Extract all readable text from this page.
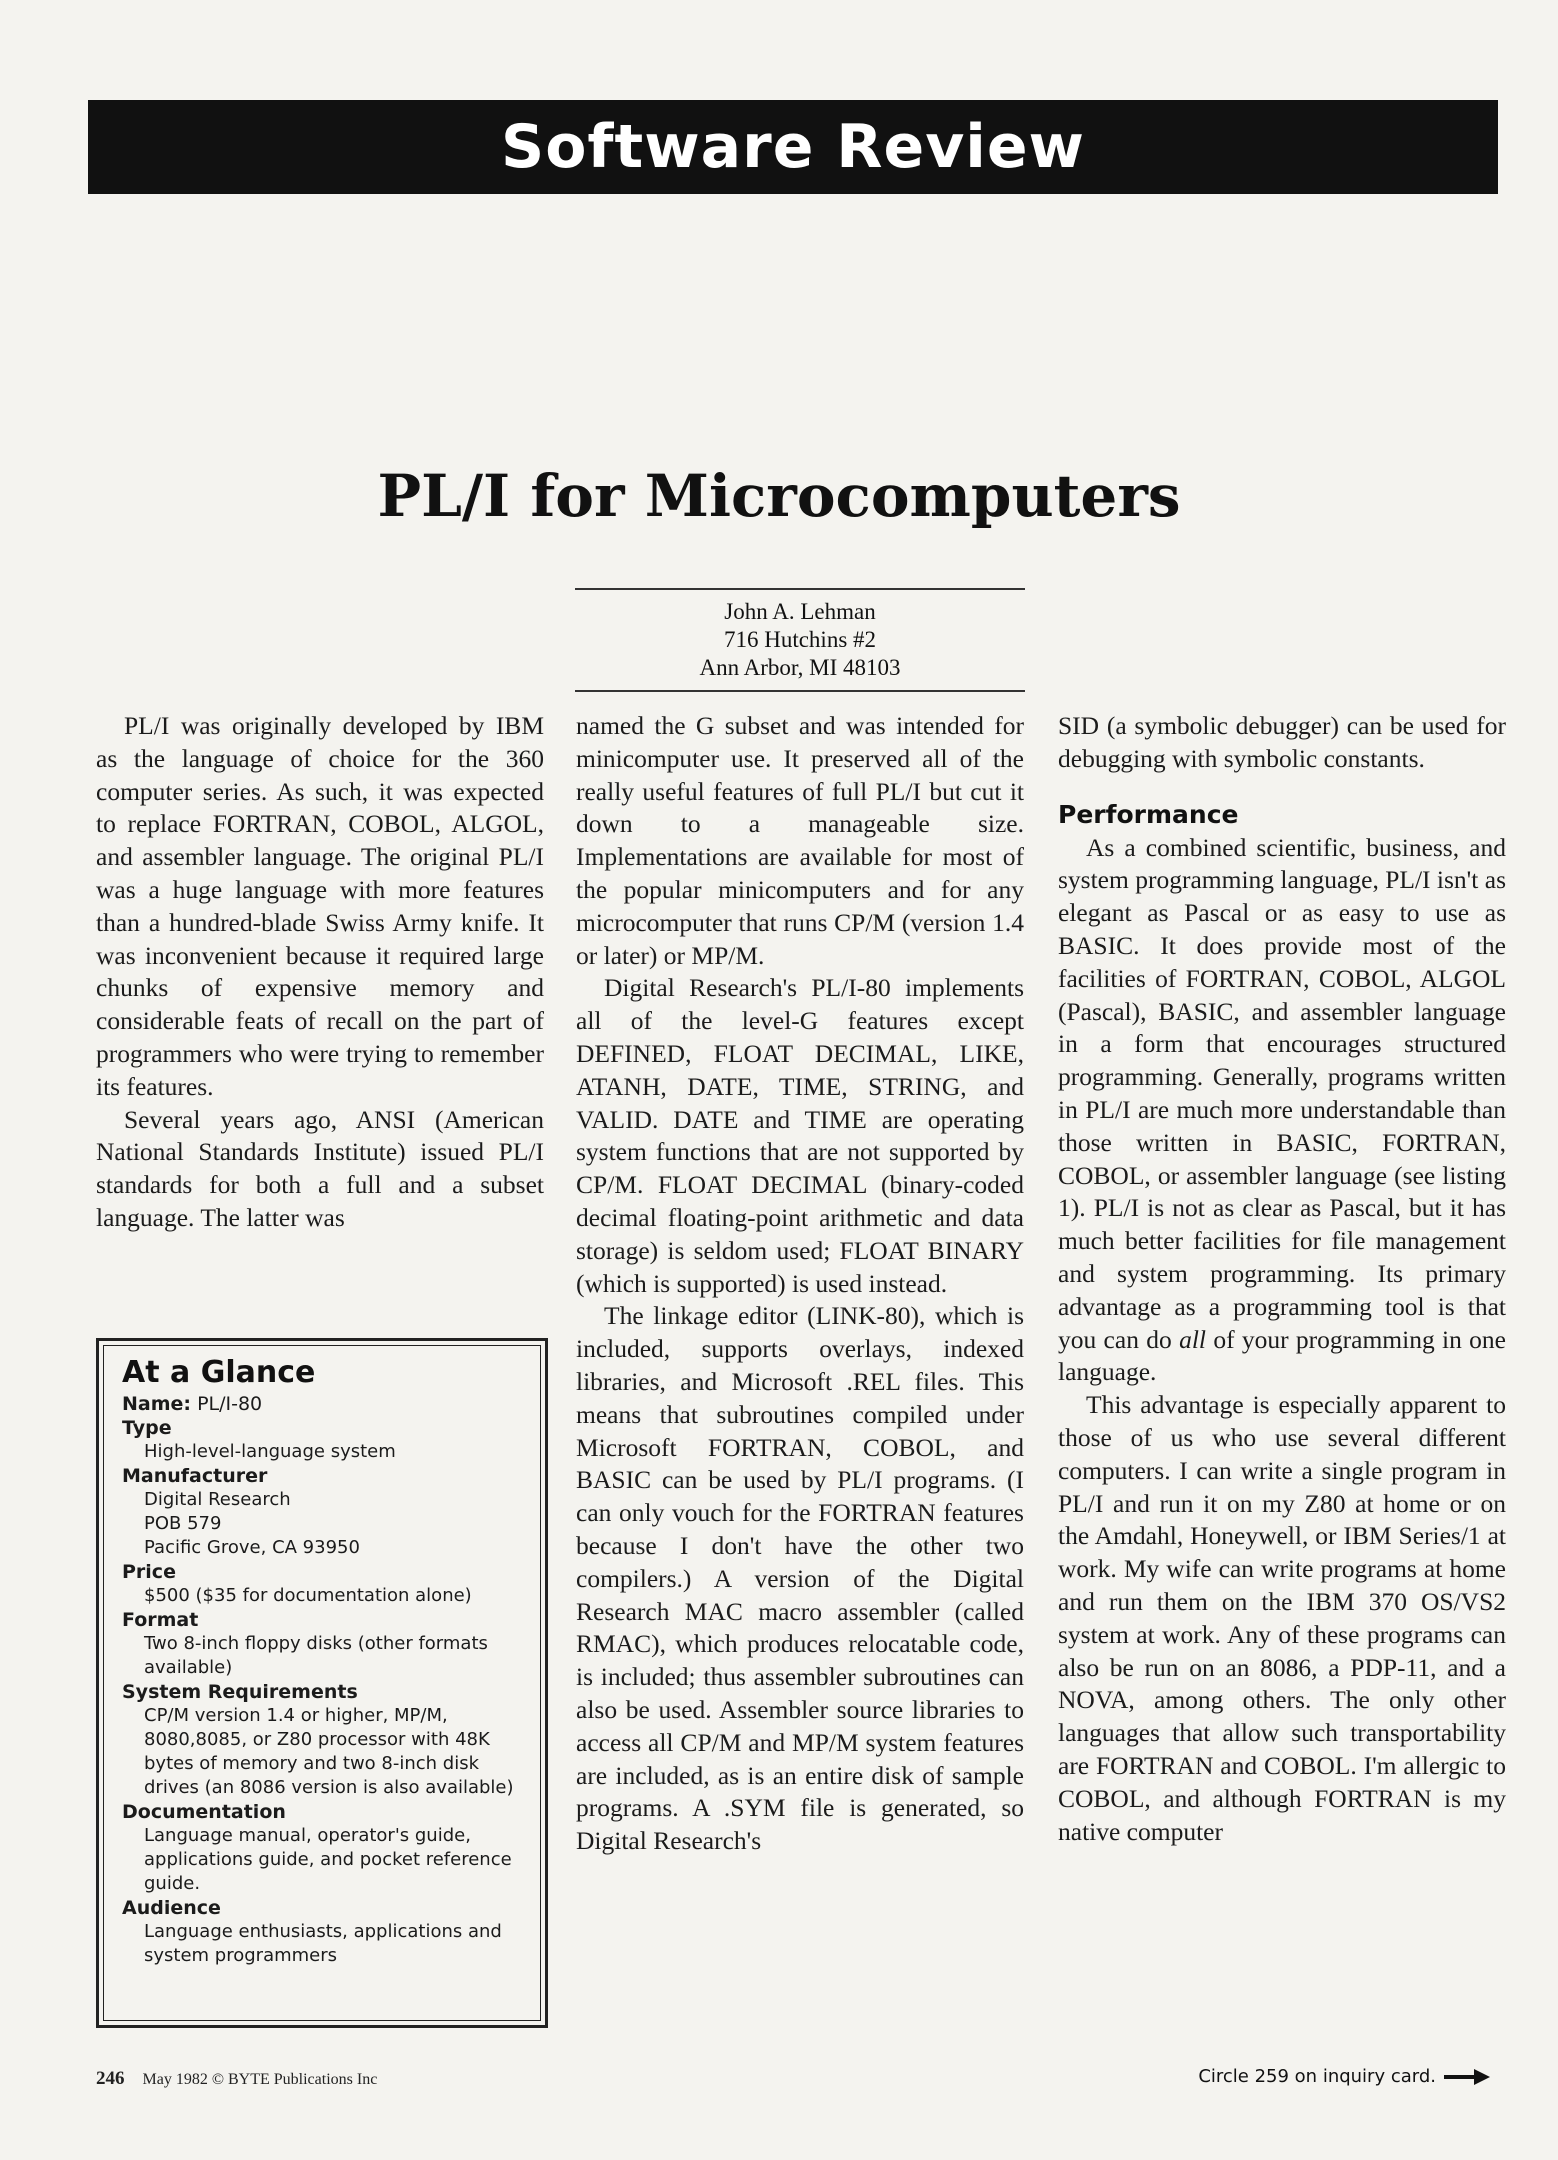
Software Review
PL/I for Microcomputers
John A. Lehman
716 Hutchins #2
Ann Arbor, MI 48103

PL/I was originally developed by IBM as the language of choice for the 360 computer series. As such, it was expected to replace FORTRAN, COBOL, ALGOL, and assembler language. The original PL/I was a huge language with more features than a hundred-blade Swiss Army knife. It was inconvenient because it required large chunks of expensive memory and considerable feats of recall on the part of programmers who were trying to remember its features.

Several years ago, ANSI (American National Standards Institute) issued PL/I standards for both a full and a subset language. The latter was

At a Glance
Name: PL/I-80
Type
High-level-language system
Manufacturer
Digital Research
POB 579
Pacific Grove, CA 93950
Price
$500 ($35 for documentation alone)
Format
Two 8-inch floppy disks (other formats available)
System Requirements
CP/M version 1.4 or higher, MP/M, 8080,8085, or Z80 processor with 48K bytes of memory and two 8-inch disk drives (an 8086 version is also available)
Documentation
Language manual, operator's guide, applications guide, and pocket reference guide.
Audience
Language enthusiasts, applications and system programmers

named the G subset and was intended for minicomputer use. It preserved all of the really useful features of full PL/I but cut it down to a manageable size. Implementations are available for most of the popular minicomputers and for any microcomputer that runs CP/M (version 1.4 or later) or MP/M.

Digital Research's PL/I-80 implements all of the level-G features except DEFINED, FLOAT DECIMAL, LIKE, ATANH, DATE, TIME, STRING, and VALID. DATE and TIME are operating system functions that are not supported by CP/M. FLOAT DECIMAL (binary-coded decimal floating-point arithmetic and data storage) is seldom used; FLOAT BINARY (which is supported) is used instead.

The linkage editor (LINK-80), which is included, supports overlays, indexed libraries, and Microsoft .REL files. This means that subroutines compiled under Microsoft FORTRAN, COBOL, and BASIC can be used by PL/I programs. (I can only vouch for the FORTRAN features because I don't have the other two compilers.) A version of the Digital Research MAC macro assembler (called RMAC), which produces relocatable code, is included; thus assembler subroutines can also be used. Assembler source libraries to access all CP/M and MP/M system features are included, as is an entire disk of sample programs. A .SYM file is generated, so Digital Research's

SID (a symbolic debugger) can be used for debugging with symbolic constants.

Performance

As a combined scientific, business, and system programming language, PL/I isn't as elegant as Pascal or as easy to use as BASIC. It does provide most of the facilities of FORTRAN, COBOL, ALGOL (Pascal), BASIC, and assembler language in a form that encourages structured programming. Generally, programs written in PL/I are much more understandable than those written in BASIC, FORTRAN, COBOL, or assembler language (see listing 1). PL/I is not as clear as Pascal, but it has much better facilities for file management and system programming. Its primary advantage as a programming tool is that you can do all of your programming in one language.

This advantage is especially apparent to those of us who use several different computers. I can write a single program in PL/I and run it on my Z80 at home or on the Amdahl, Honeywell, or IBM Series/1 at work. My wife can write programs at home and run them on the IBM 370 OS/VS2 system at work. Any of these programs can also be run on an 8086, a PDP-11, and a NOVA, among others. The only other languages that allow such transportability are FORTRAN and COBOL. I'm allergic to COBOL, and although FORTRAN is my native computer

246 May 1982 © BYTE Publications Inc	Circle 259 on inquiry card.
